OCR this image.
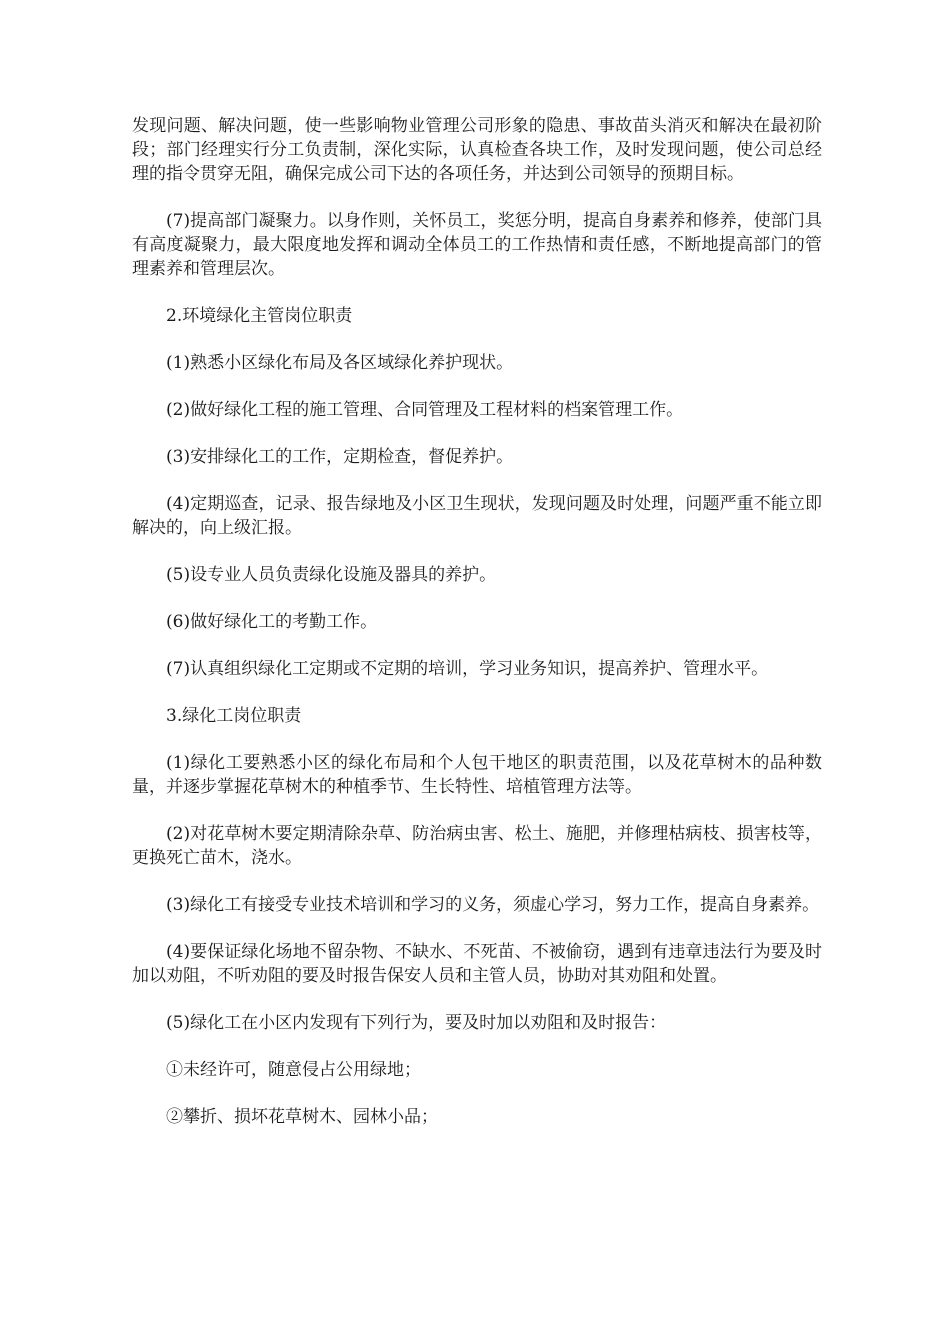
发现问题、解决问题，使一些影响物业管理公司形象的隐患、事故苗头消灭和解决在最初阶段；部门经理实行分工负责制，深化实际，认真检查各块工作，及时发现问题，使公司总经理的指令贯穿无阻，确保完成公司下达的各项任务，并达到公司领导的预期目标。

(7)提高部门凝聚力。以身作则，关怀员工，奖惩分明，提高自身素养和修养，使部门具有高度凝聚力，最大限度地发挥和调动全体员工的工作热情和责任感，不断地提高部门的管理素养和管理层次。

2.环境绿化主管岗位职责

(1)熟悉小区绿化布局及各区域绿化养护现状。

(2)做好绿化工程的施工管理、合同管理及工程材料的档案管理工作。

(3)安排绿化工的工作，定期检查，督促养护。

(4)定期巡查，记录、报告绿地及小区卫生现状，发现问题及时处理，问题严重不能立即解决的，向上级汇报。

(5)设专业人员负责绿化设施及器具的养护。

(6)做好绿化工的考勤工作。

(7)认真组织绿化工定期或不定期的培训，学习业务知识，提高养护、管理水平。

3.绿化工岗位职责

(1)绿化工要熟悉小区的绿化布局和个人包干地区的职责范围，以及花草树木的品种数量，并逐步掌握花草树木的种植季节、生长特性、培植管理方法等。

(2)对花草树木要定期清除杂草、防治病虫害、松土、施肥，并修理枯病枝、损害枝等，更换死亡苗木，浇水。

(3)绿化工有接受专业技术培训和学习的义务，须虚心学习，努力工作，提高自身素养。

(4)要保证绿化场地不留杂物、不缺水、不死苗、不被偷窃，遇到有违章违法行为要及时加以劝阻，不听劝阻的要及时报告保安人员和主管人员，协助对其劝阻和处置。

(5)绿化工在小区内发现有下列行为，要及时加以劝阻和及时报告：

①未经许可，随意侵占公用绿地；

②攀折、损坏花草树木、园林小品；
